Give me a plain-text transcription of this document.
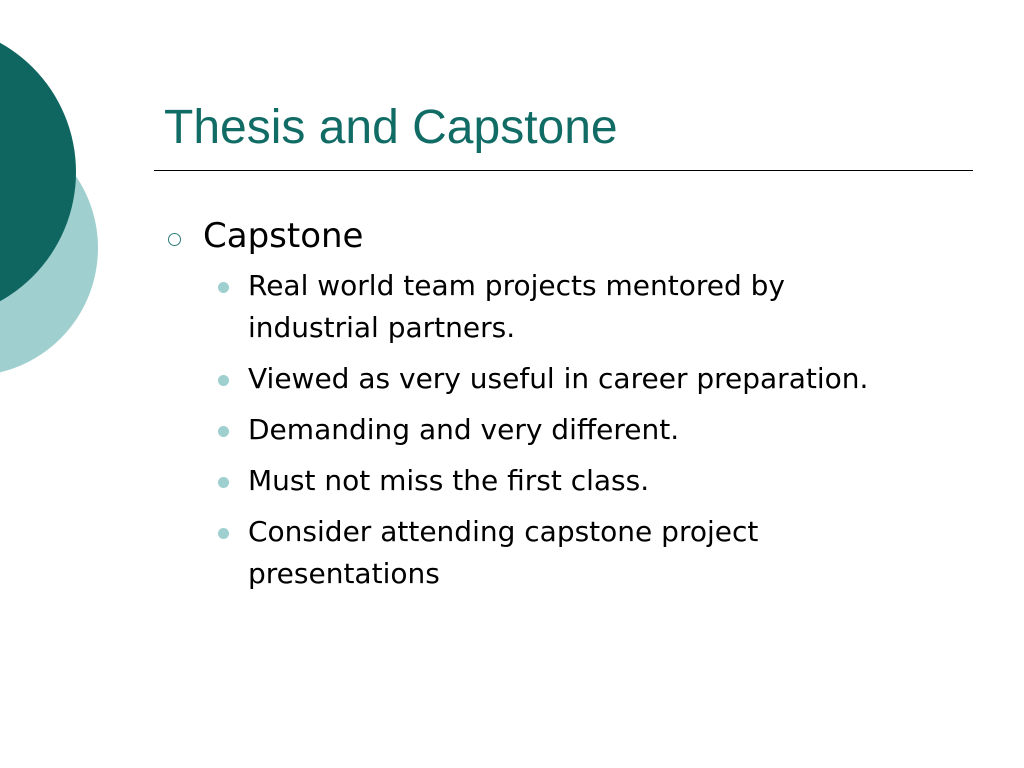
Thesis and Capstone
Capstone
Real world team projects mentored by industrial partners.
Viewed as very useful in career preparation.
Demanding and very different.
Must not miss the first class.
Consider attending capstone project presentations
